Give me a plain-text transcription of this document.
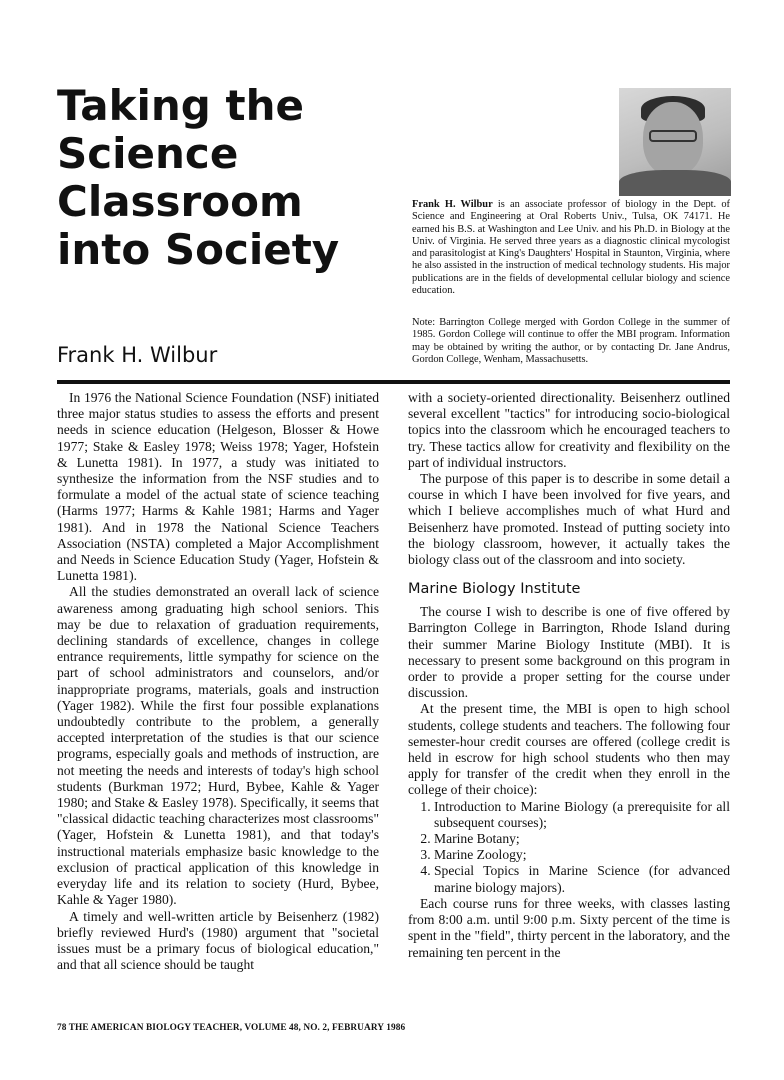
Taking the Science Classroom into Society
Frank H. Wilbur

Frank H. Wilbur is an associate professor of biology in the Dept. of Science and Engineering at Oral Roberts Univ., Tulsa, OK 74171. He earned his B.S. at Washington and Lee Univ. and his Ph.D. in Biology at the Univ. of Virginia. He served three years as a diagnostic clinical mycologist and parasitologist at King's Daughters' Hospital in Staunton, Virginia, where he also assisted in the instruction of medical technology students. His major publications are in the fields of developmental cellular biology and science education.

Note: Barrington College merged with Gordon College in the summer of 1985. Gordon College will continue to offer the MBI program. Information may be obtained by writing the author, or by contacting Dr. Jane Andrus, Gordon College, Wenham, Massachusetts.

In 1976 the National Science Foundation (NSF) initiated three major status studies to assess the efforts and present needs in science education (Helgeson, Blosser & Howe 1977; Stake & Easley 1978; Weiss 1978; Yager, Hofstein & Lunetta 1981). In 1977, a study was initiated to synthesize the information from the NSF studies and to formulate a model of the actual state of science teaching (Harms 1977; Harms & Kahle 1981; Harms and Yager 1981). And in 1978 the National Science Teachers Association (NSTA) completed a Major Accomplishment and Needs in Science Education Study (Yager, Hofstein & Lunetta 1981).

All the studies demonstrated an overall lack of science awareness among graduating high school seniors. This may be due to relaxation of graduation requirements, declining standards of excellence, changes in college entrance requirements, little sympathy for science on the part of school administrators and counselors, and/or inappropriate programs, materials, goals and instruction (Yager 1982). While the first four possible explanations undoubtedly contribute to the problem, a generally accepted interpretation of the studies is that our science programs, especially goals and methods of instruction, are not meeting the needs and interests of today's high school students (Burkman 1972; Hurd, Bybee, Kahle & Yager 1980; and Stake & Easley 1978). Specifically, it seems that "classical didactic teaching characterizes most classrooms" (Yager, Hofstein & Lunetta 1981), and that today's instructional materials emphasize basic knowledge to the exclusion of practical application of this knowledge in everyday life and its relation to society (Hurd, Bybee, Kahle & Yager 1980).

A timely and well-written article by Beisenherz (1982) briefly reviewed Hurd's (1980) argument that "societal issues must be a primary focus of biological education," and that all science should be taught

with a society-oriented directionality. Beisenherz outlined several excellent "tactics" for introducing socio-biological topics into the classroom which he encouraged teachers to try. These tactics allow for creativity and flexibility on the part of individual instructors.

The purpose of this paper is to describe in some detail a course in which I have been involved for five years, and which I believe accomplishes much of what Hurd and Beisenherz have promoted. Instead of putting society into the biology classroom, however, it actually takes the biology class out of the classroom and into society.

Marine Biology Institute

The course I wish to describe is one of five offered by Barrington College in Barrington, Rhode Island during their summer Marine Biology Institute (MBI). It is necessary to present some background on this program in order to provide a proper setting for the course under discussion.

At the present time, the MBI is open to high school students, college students and teachers. The following four semester-hour credit courses are offered (college credit is held in escrow for high school students who then may apply for transfer of the credit when they enroll in the college of their choice):

1. Introduction to Marine Biology (a prerequisite for all subsequent courses);
2. Marine Botany;
3. Marine Zoology;
4. Special Topics in Marine Science (for advanced marine biology majors).

Each course runs for three weeks, with classes lasting from 8:00 a.m. until 9:00 p.m. Sixty percent of the time is spent in the "field", thirty percent in the laboratory, and the remaining ten percent in the

78 THE AMERICAN BIOLOGY TEACHER, VOLUME 48, NO. 2, FEBRUARY 1986
